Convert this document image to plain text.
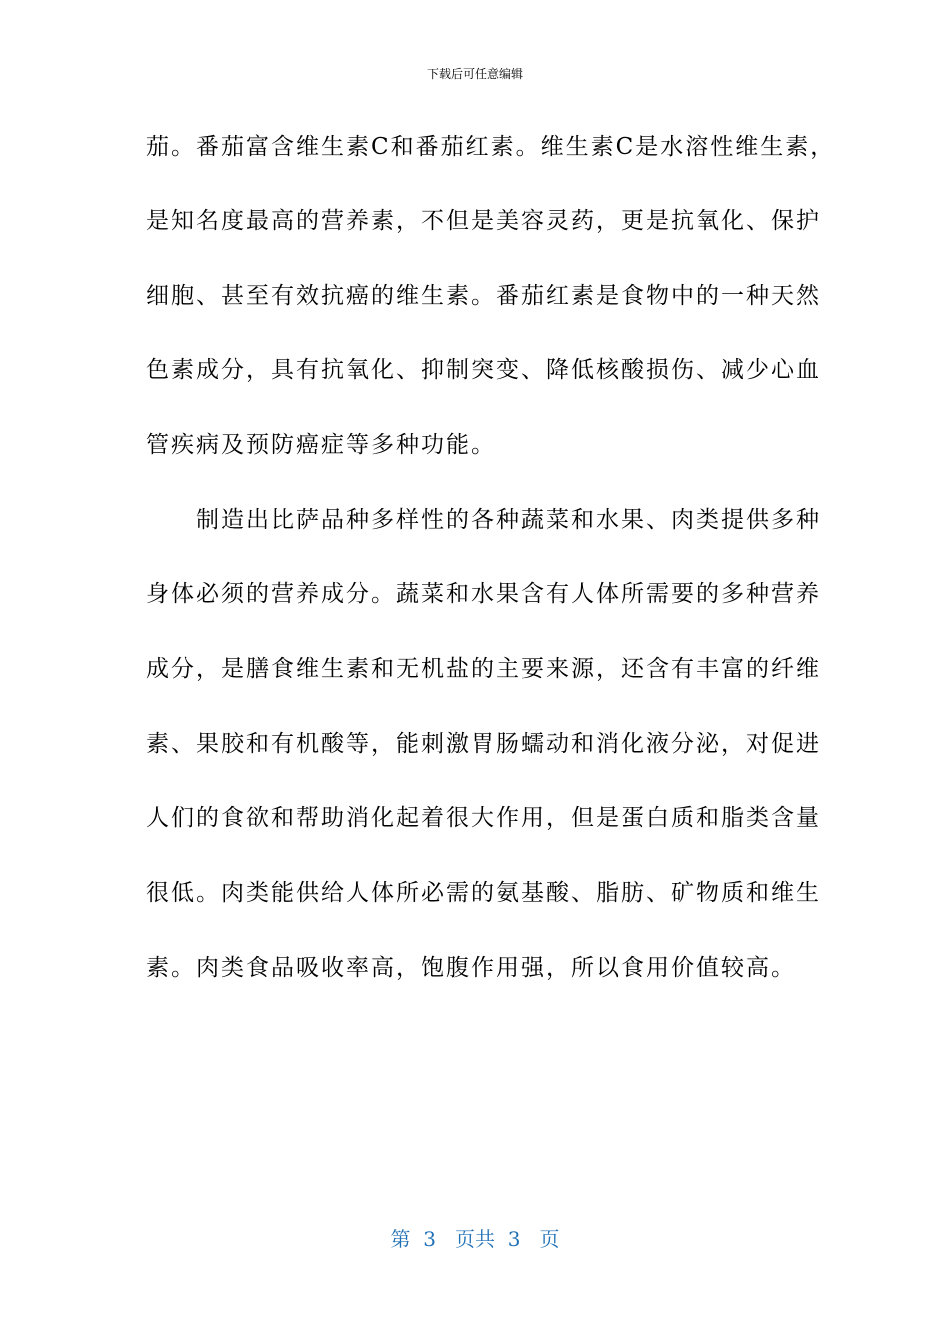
下载后可任意编辑
茄。番茄富含维生素C和番茄红素。维生素C是水溶性维生素，
是知名度最高的营养素，不但是美容灵药，更是抗氧化、保护
细胞、甚至有效抗癌的维生素。番茄红素是食物中的一种天然
色素成分，具有抗氧化、抑制突变、降低核酸损伤、减少心血
管疾病及预防癌症等多种功能。
　　制造出比萨品种多样性的各种蔬菜和水果、肉类提供多种
身体必须的营养成分。蔬菜和水果含有人体所需要的多种营养
成分，是膳食维生素和无机盐的主要来源，还含有丰富的纤维
素、果胶和有机酸等，能刺激胃肠蠕动和消化液分泌，对促进
人们的食欲和帮助消化起着很大作用，但是蛋白质和脂类含量
很低。肉类能供给人体所必需的氨基酸、脂肪、矿物质和维生
素。肉类食品吸收率高，饱腹作用强，所以食用价值较高。
第  3   页共  3   页
